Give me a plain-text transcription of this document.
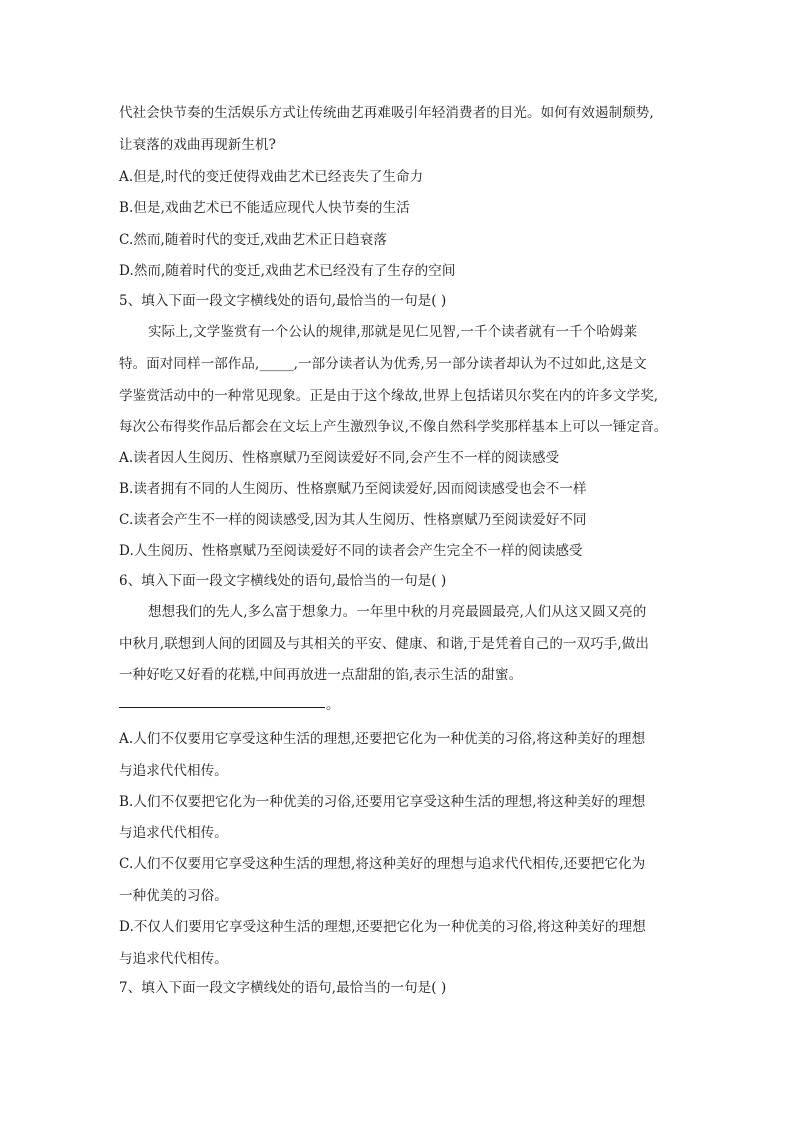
代社会快节奏的生活娱乐方式让传统曲艺再难吸引年轻消费者的目光。如何有效遏制颓势,
让衰落的戏曲再现新生机?
A.但是,时代的变迁使得戏曲艺术已经丧失了生命力
B.但是,戏曲艺术已不能适应现代人快节奏的生活
C.然而,随着时代的变迁,戏曲艺术正日趋衰落
D.然而,随着时代的变迁,戏曲艺术已经没有了生存的空间
5、填入下面一段文字横线处的语句,最恰当的一句是( )
实际上,文学鉴赏有一个公认的规律,那就是见仁见智,一千个读者就有一千个哈姆莱
特。面对同样一部作品,_____,一部分读者认为优秀,另一部分读者却认为不过如此,这是文
学鉴赏活动中的一种常见现象。正是由于这个缘故,世界上包括诺贝尔奖在内的许多文学奖,
每次公布得奖作品后都会在文坛上产生激烈争议,不像自然科学奖那样基本上可以一锤定音。
A.读者因人生阅历、性格禀赋乃至阅读爱好不同,会产生不一样的阅读感受
B.读者拥有不同的人生阅历、性格禀赋乃至阅读爱好,因而阅读感受也会不一样
C.读者会产生不一样的阅读感受,因为其人生阅历、性格禀赋乃至阅读爱好不同
D.人生阅历、性格禀赋乃至阅读爱好不同的读者会产生完全不一样的阅读感受
6、填入下面一段文字横线处的语句,最恰当的一句是( )
想想我们的先人,多么富于想象力。一年里中秋的月亮最圆最亮,人们从这又圆又亮的
中秋月,联想到人间的团圆及与其相关的平安、健康、和谐,于是凭着自己的一双巧手,做出
一种好吃又好看的花糕,中间再放进一点甜甜的馅,表示生活的甜蜜。
。
A.人们不仅要用它享受这种生活的理想,还要把它化为一种优美的习俗,将这种美好的理想
与追求代代相传。
B.人们不仅要把它化为一种优美的习俗,还要用它享受这种生活的理想,将这种美好的理想
与追求代代相传。
C.人们不仅要用它享受这种生活的理想,将这种美好的理想与追求代代相传,还要把它化为
一种优美的习俗。
D.不仅人们要用它享受这种生活的理想,还要把它化为一种优美的习俗,将这种美好的理想
与追求代代相传。
7、填入下面一段文字横线处的语句,最恰当的一句是( )
